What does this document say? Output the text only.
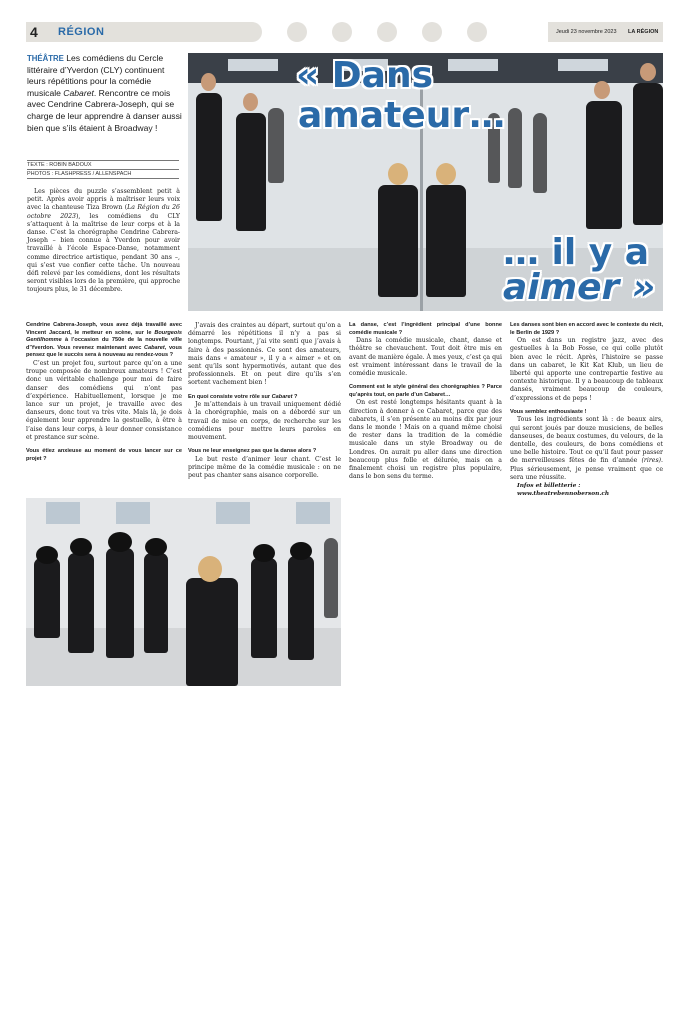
4 RÉGION	Jeudi 23 novembre 2023 LA RÉGION
THÉÂTRE Les comédiens du Cercle littéraire d’Yverdon (CLY) continuent leurs répétitions pour la comédie musicale Cabaret. Rencontre ce mois avec Cendrine Cabrera-Joseph, qui se charge de leur apprendre à danser aussi bien que s’ils étaient à Broadway !
TEXTE : ROBIN BADOUX
PHOTOS : FLASHPRESS / ALLENSPACH
« Dans
amateur…
… il y a
aimer »

Les pièces du puzzle s’assemblent petit à petit. Après avoir appris à maîtriser leurs voix avec la chanteuse Tiza Brown (La Région du 26 octobre 2023), les comédiens du CLY s’attaquent à la maîtrise de leur corps et à la danse. C’est la chorégraphe Cendrine Cabrera-Joseph – bien connue à Yverdon pour avoir travaillé à l’école Espace-Danse, notamment comme directrice artistique, pendant 30 ans –, qui s’est vue confier cette tâche. Un nouveau défi relevé par les comédiens, dont les résultats seront visibles lors de la première, qui approche toujours plus, le 31 décembre.

Cendrine Cabrera-Joseph, vous avez déjà travaillé avec Vincent Jaccard, le metteur en scène, sur le Bourgeois Gentilhomme à l’occasion du 750e de la nouvelle ville d’Yverdon. Vous revenez maintenant avec Cabaret, vous pensez que le succès sera à nouveau au rendez-vous ?

C’est un projet fou, surtout parce qu’on a une troupe composée de nombreux amateurs ! C’est donc un véritable challenge pour moi de faire danser des comédiens qui n’ont pas d’expérience. Habituellement, lorsque je me lance sur un projet, je travaille avec des danseurs, donc tout va très vite. Mais là, je dois également leur apprendre la gestuelle, à être à l’aise dans leur corps, à leur donner consistance et prestance sur scène.

Vous étiez anxieuse au moment de vous lancer sur ce projet ?

J’avais des craintes au départ, surtout qu’on a démarré les répétitions il n’y a pas si longtemps. Pourtant, j’ai vite senti que j’avais à faire à des passionnés. Ce sont des amateurs, mais dans « amateur », il y a « aimer » et on sent qu’ils sont hypermotivés, autant que des professionnels. Et on peut dire qu’ils s’en sortent vachement bien !

En quoi consiste votre rôle sur Cabaret ?

Je m’attendais à un travail uniquement dédié à la chorégraphie, mais on a débordé sur un travail de mise en corps, de recherche sur les comédiens pour mettre leurs paroles en mouvement.

Vous ne leur enseignez pas que la danse alors ?

Le but reste d’animer leur chant. C’est le principe même de la comédie musicale : on ne peut pas chanter sans aisance corporelle.

La danse, c’est l’ingrédient principal d’une bonne comédie musicale ?

Dans la comédie musicale, chant, danse et théâtre se chevauchent. Tout doit être mis en avant de manière égale. À mes yeux, c’est ça qui est vraiment intéressant dans le travail de la comédie musicale.

Comment est le style général des chorégraphies ? Parce qu’après tout, on parle d’un Cabaret…

On est resté longtemps hésitants quant à la direction à donner à ce Cabaret, parce que des cabarets, il s’en présente au moins dix par jour dans le monde ! Mais on a quand même choisi de rester dans la tradition de la comédie musicale dans un style Broadway ou de Londres. On aurait pu aller dans une direction beaucoup plus folle et délurée, mais on a finalement choisi un registre plus populaire, dans le bon sens du terme.

Les danses sont bien en accord avec le contexte du récit, le Berlin de 1929 ?

On est dans un registre jazz, avec des gestuelles à la Bob Fosse, ce qui colle plutôt bien avec le récit. Après, l’histoire se passe dans un cabaret, le Kit Kat Klub, un lieu de liberté qui apporte une contrepartie festive au contexte historique. Il y a beaucoup de tableaux dansés, vraiment beaucoup de couleurs, d’expressions et de peps !

Vous semblez enthousiaste !

Tous les ingrédients sont là : de beaux airs, qui seront joués par douze musiciens, de belles danseuses, de beaux costumes, du velours, de la dentelle, des couleurs, de bons comédiens et une belle histoire. Tout ce qu’il faut pour passer de merveilleuses fêtes de fin d’année (rires). Plus sérieusement, je pense vraiment que ce sera une réussite.

Infos et billetterie :

www.theatrebennoberson.ch
